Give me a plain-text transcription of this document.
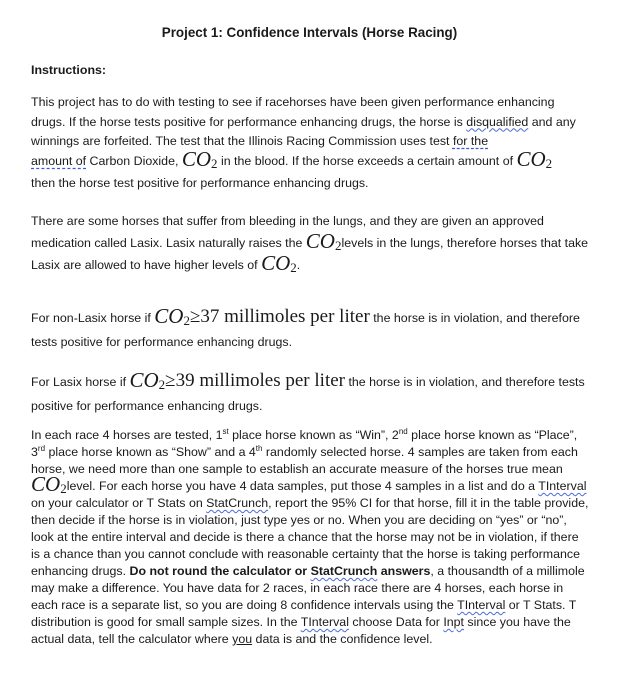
Project 1: Confidence Intervals (Horse Racing)
Instructions:
This project has to do with testing to see if racehorses have been given performance enhancing drugs. If the horse tests positive for performance enhancing drugs, the horse is disqualified and any winnings are forfeited. The test that the Illinois Racing Commission uses test for the
amount of Carbon Dioxide, $CO_2$ in the blood. If the horse exceeds a certain amount of $CO_2$
then the horse test positive for performance enhancing drugs.
There are some horses that suffer from bleeding in the lungs, and they are given an approved medication called Lasix. Lasix naturally raises the $CO_2levels$ in the lungs, therefore horses that take Lasix are allowed to have higher levels of $CO_2$.
For non-Lasix horse if $CO_2\ge 37$ millimoles per liter the horse is in violation, and therefore tests positive for performance enhancing drugs.
For Lasix horse if $CO_2\ge 39$ millimoles per liter the horse is in violation, and therefore tests positive for performance enhancing drugs.
In each race 4 horses are tested, 1st place horse known as “Win”, 2nd place horse known as “Place”, 3rd place horse known as “Show” and a 4th randomly selected horse. 4 samples are taken from each horse, we need more than one sample to establish an accurate measure of the horses true mean $CO_2level$. For each horse you have 4 data samples, put those 4 samples in a list and do a TInterval on your calculator or T Stats on StatCrunch, report the 95% CI for that horse, fill it in the table provide, then decide if the horse is in violation, just type yes or no. When you are deciding on “yes” or “no”, look at the entire interval and decide is there a chance that the horse may not be in violation, if there is a chance than you cannot conclude with reasonable certainty that the horse is taking performance enhancing drugs. Do not round the calculator or StatCrunch answers, a thousandth of a millimole may make a difference. You have data for 2 races, in each race there are 4 horses, each horse in each race is a separate list, so you are doing 8 confidence intervals using the TInterval or T Stats. T distribution is good for small sample sizes. In the TInterval choose Data for Inpt since you have the actual data, tell the calculator where you data is and the confidence level.
